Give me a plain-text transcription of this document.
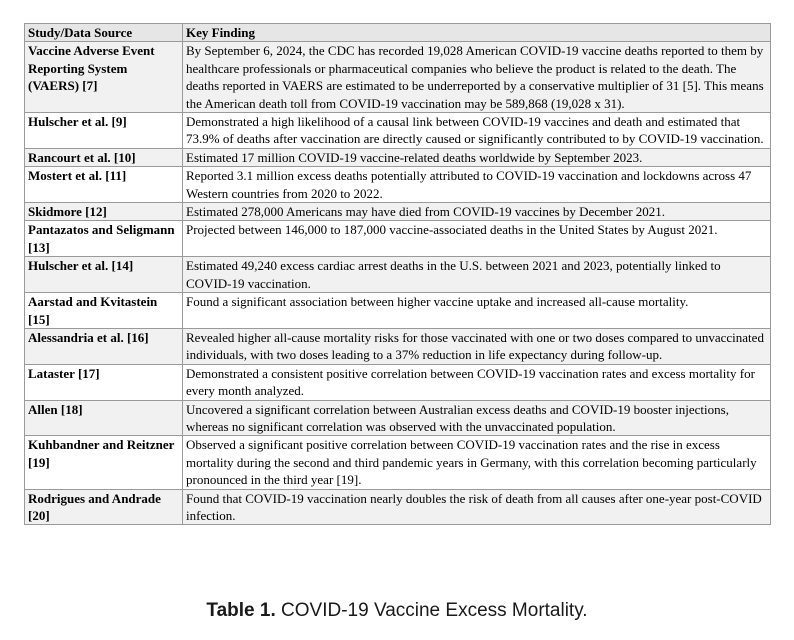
Study/Data Source	Key Finding
Vaccine Adverse Event Reporting System (VAERS) [7]	By September 6, 2024, the CDC has recorded 19,028 American COVID-19 vaccine deaths reported to them by healthcare professionals or pharmaceutical companies who believe the product is related to the death. The deaths reported in VAERS are estimated to be underreported by a conservative multiplier of 31 [5]. This means the American death toll from COVID-19 vaccination may be 589,868 (19,028 x 31).
Hulscher et al. [9]	Demonstrated a high likelihood of a causal link between COVID-19 vaccines and death and estimated that 73.9% of deaths after vaccination are directly caused or significantly contributed to by COVID-19 vaccination.
Rancourt et al. [10]	Estimated 17 million COVID-19 vaccine-related deaths worldwide by September 2023.
Mostert et al. [11]	Reported 3.1 million excess deaths potentially attributed to COVID-19 vaccination and lockdowns across 47 Western countries from 2020 to 2022.
Skidmore [12]	Estimated 278,000 Americans may have died from COVID-19 vaccines by December 2021.
Pantazatos and Seligmann [13]	Projected between 146,000 to 187,000 vaccine-associated deaths in the United States by August 2021.
Hulscher et al. [14]	Estimated 49,240 excess cardiac arrest deaths in the U.S. between 2021 and 2023, potentially linked to COVID-19 vaccination.
Aarstad and Kvitastein [15]	Found a significant association between higher vaccine uptake and increased all-cause mortality.
Alessandria et al. [16]	Revealed higher all-cause mortality risks for those vaccinated with one or two doses compared to unvaccinated individuals, with two doses leading to a 37% reduction in life expectancy during follow-up.
Lataster [17]	Demonstrated a consistent positive correlation between COVID-19 vaccination rates and excess mortality for every month analyzed.
Allen [18]	Uncovered a significant correlation between Australian excess deaths and COVID-19 booster injections, whereas no significant correlation was observed with the unvaccinated population.
Kuhbandner and Reitzner [19]	Observed a significant positive correlation between COVID-19 vaccination rates and the rise in excess mortality during the second and third pandemic years in Germany, with this correlation becoming particularly pronounced in the third year [19].
Rodrigues and Andrade [20]	Found that COVID-19 vaccination nearly doubles the risk of death from all causes after one-year post-COVID infection.
Table 1. COVID-19 Vaccine Excess Mortality.
